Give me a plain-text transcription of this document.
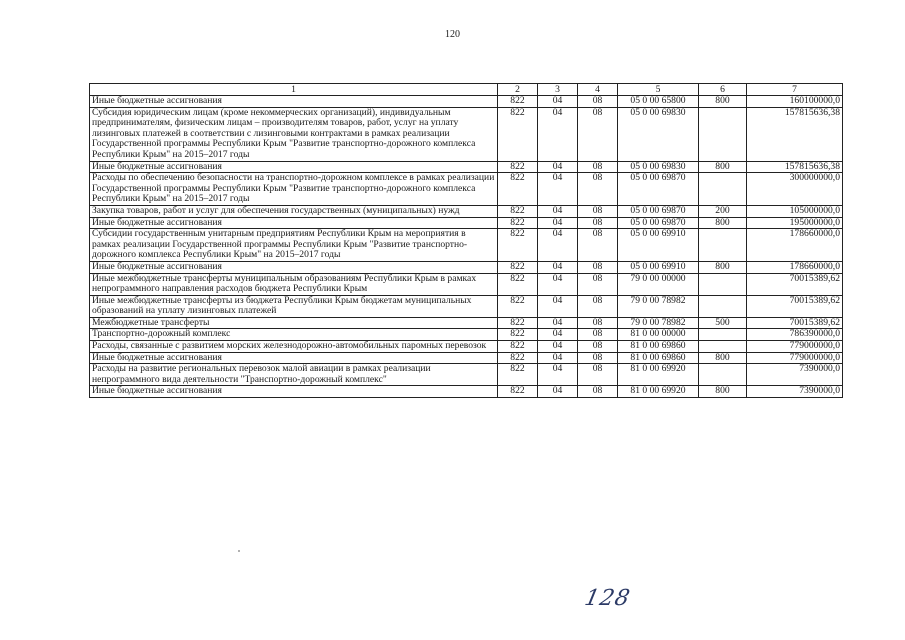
120
1	2	3	4	5	6	7
Иные бюджетные ассигнования	822	04	08	05 0 00 65800	800	160100000,0
Субсидия юридическим лицам (кроме некоммерческих организаций), индивидуальным предпринимателям, физическим лицам – производителям товаров, работ, услуг на уплату лизинговых платежей в соответствии с лизинговыми контрактами в рамках реализации Государственной программы Республики Крым "Развитие транспортно-дорожного комплекса Республики Крым" на 2015–2017 годы	822	04	08	05 0 00 69830		157815636,38
Иные бюджетные ассигнования	822	04	08	05 0 00 69830	800	157815636,38
Расходы по обеспечению безопасности на транспортно-дорожном комплексе в рамках реализации Государственной программы Республики Крым "Развитие транспортно-дорожного комплекса Республики Крым" на 2015–2017 годы	822	04	08	05 0 00 69870		300000000,0
Закупка товаров, работ и услуг для обеспечения государственных (муниципальных) нужд	822	04	08	05 0 00 69870	200	105000000,0
Иные бюджетные ассигнования	822	04	08	05 0 00 69870	800	195000000,0
Субсидии государственным унитарным предприятиям Республики Крым на мероприятия в рамках реализации Государственной программы Республики Крым "Развитие транспортно-дорожного комплекса Республики Крым" на 2015–2017 годы	822	04	08	05 0 00 69910		178660000,0
Иные бюджетные ассигнования	822	04	08	05 0 00 69910	800	178660000,0
Иные межбюджетные трансферты муниципальным образованиям Республики Крым в рамках непрограммного направления расходов бюджета Республики Крым	822	04	08	79 0 00 00000		70015389,62
Иные межбюджетные трансферты из бюджета Республики Крым бюджетам муниципальных образований на уплату лизинговых платежей	822	04	08	79 0 00 78982		70015389,62
Межбюджетные трансферты	822	04	08	79 0 00 78982	500	70015389,62
Транспортно-дорожный комплекс	822	04	08	81 0 00 00000		786390000,0
Расходы, связанные с развитием морских железнодорожно-автомобильных паромных перевозок	822	04	08	81 0 00 69860		779000000,0
Иные бюджетные ассигнования	822	04	08	81 0 00 69860	800	779000000,0
Расходы на развитие региональных перевозок малой авиации в рамках реализации непрограммного вида деятельности "Транспортно-дорожный комплекс"	822	04	08	81 0 00 69920		7390000,0
Иные бюджетные ассигнования	822	04	08	81 0 00 69920	800	7390000,0
128
